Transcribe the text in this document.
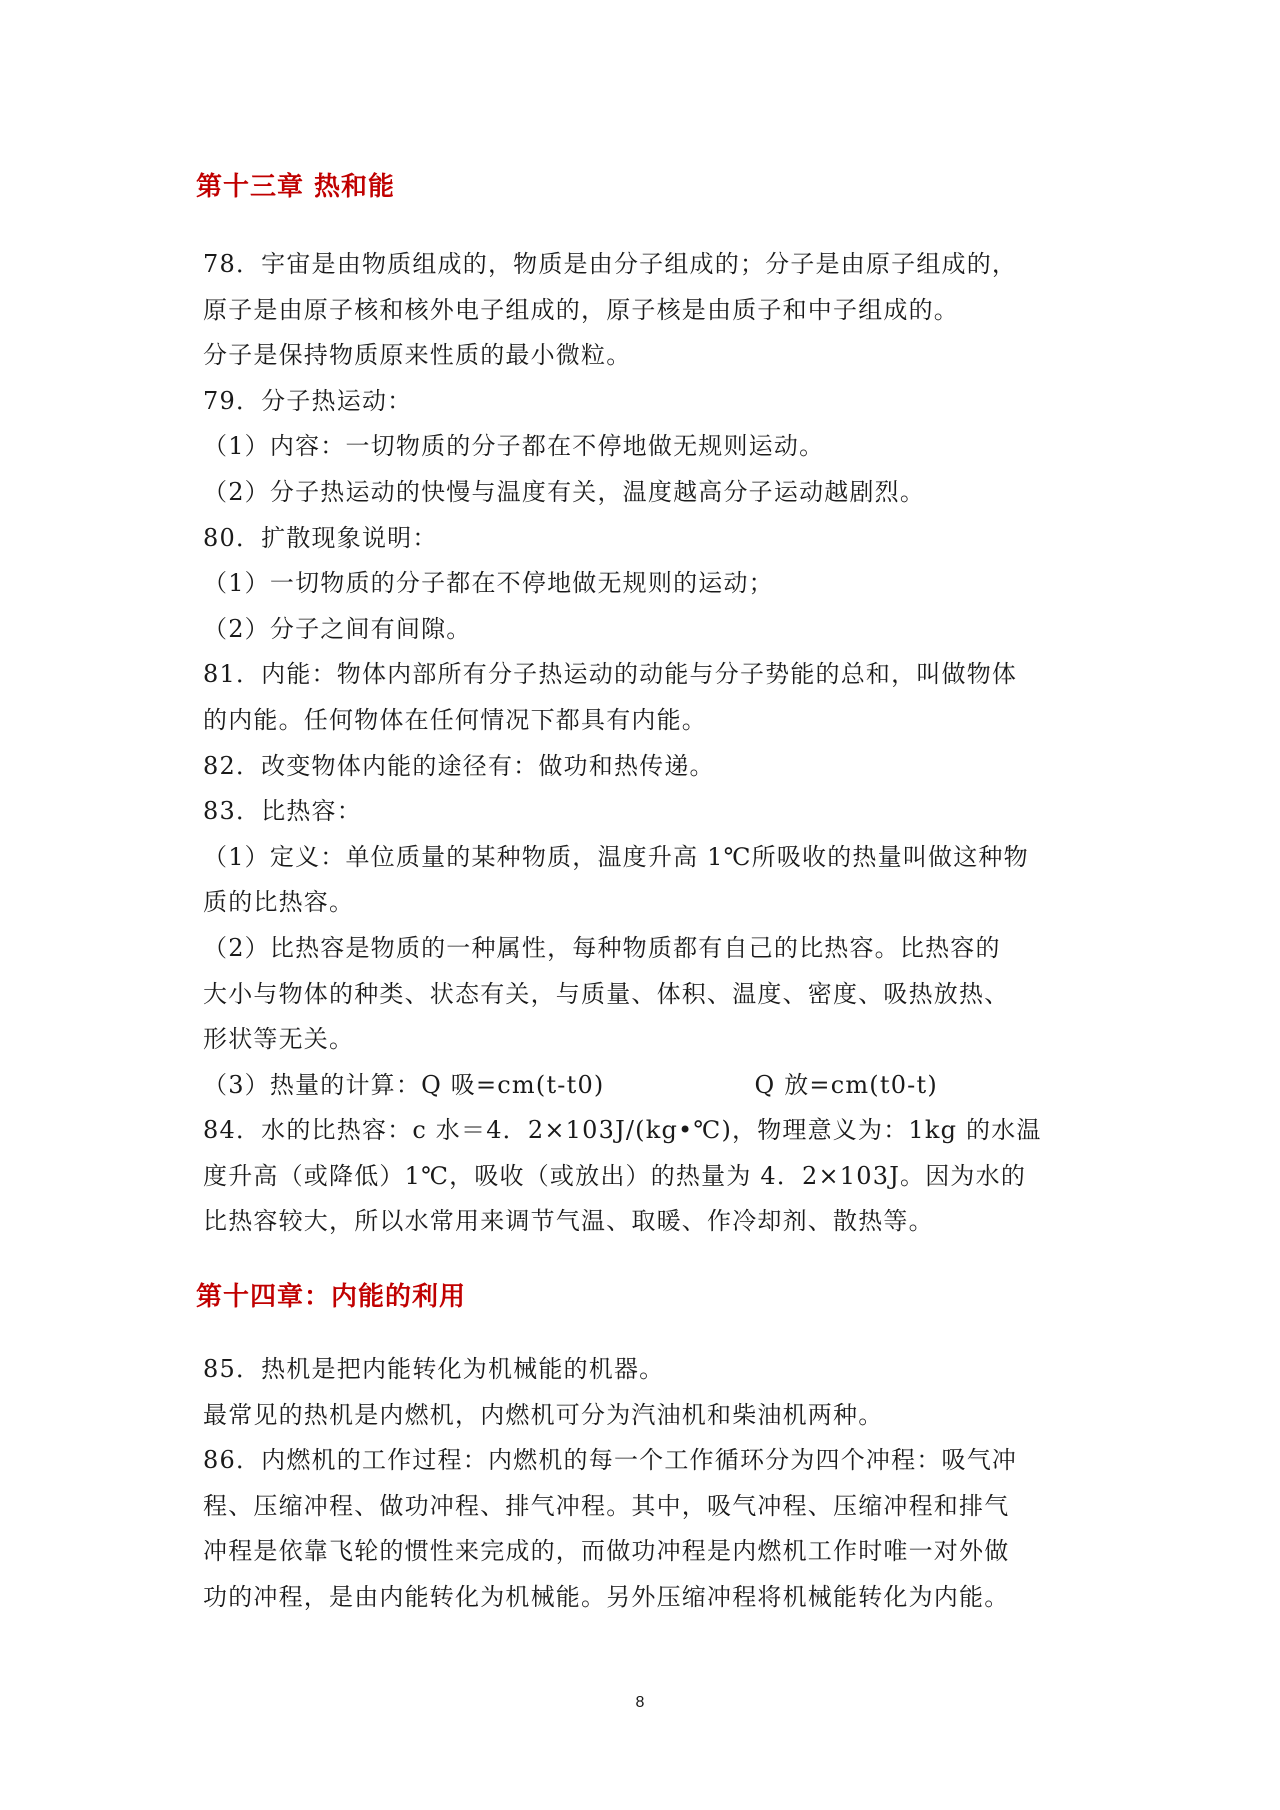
第十三章 热和能
78．宇宙是由物质组成的，物质是由分子组成的；分子是由原子组成的，
原子是由原子核和核外电子组成的，原子核是由质子和中子组成的。
分子是保持物质原来性质的最小微粒。
79．分子热运动：
（1）内容：一切物质的分子都在不停地做无规则运动。
（2）分子热运动的快慢与温度有关，温度越高分子运动越剧烈。
80．扩散现象说明：
（1）一切物质的分子都在不停地做无规则的运动；
（2）分子之间有间隙。
81．内能：物体内部所有分子热运动的动能与分子势能的总和，叫做物体
的内能。任何物体在任何情况下都具有内能。
82．改变物体内能的途径有：做功和热传递。
83．比热容：
（1）定义：单位质量的某种物质，温度升高 1℃所吸收的热量叫做这种物
质的比热容。
（2）比热容是物质的一种属性，每种物质都有自己的比热容。比热容的
大小与物体的种类、状态有关，与质量、体积、温度、密度、吸热放热、
形状等无关。
（3）热量的计算：Q 吸=cm(t-t0)	Q 放=cm(t0-t)
84．水的比热容：c 水＝4．2×103J/(kg•℃)，物理意义为：1kg 的水温
度升高（或降低）1℃，吸收（或放出）的热量为 4．2×103J。因为水的
比热容较大，所以水常用来调节气温、取暖、作冷却剂、散热等。
第十四章：内能的利用
85．热机是把内能转化为机械能的机器。
最常见的热机是内燃机，内燃机可分为汽油机和柴油机两种。
86．内燃机的工作过程：内燃机的每一个工作循环分为四个冲程：吸气冲
程、压缩冲程、做功冲程、排气冲程。其中，吸气冲程、压缩冲程和排气
冲程是依靠飞轮的惯性来完成的，而做功冲程是内燃机工作时唯一对外做
功的冲程，是由内能转化为机械能。另外压缩冲程将机械能转化为内能。
8
